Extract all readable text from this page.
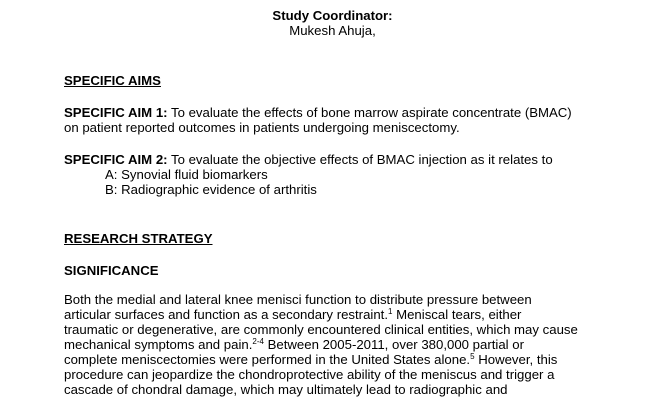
Study Coordinator:
Mukesh Ahuja,
SPECIFIC AIMS
SPECIFIC AIM 1: To evaluate the effects of bone marrow aspirate concentrate (BMAC)
on patient reported outcomes in patients undergoing meniscectomy.
SPECIFIC AIM 2: To evaluate the objective effects of BMAC injection as it relates to
A: Synovial fluid biomarkers
B: Radiographic evidence of arthritis
RESEARCH STRATEGY
SIGNIFICANCE
Both the medial and lateral knee menisci function to distribute pressure between
articular surfaces and function as a secondary restraint.$^1$ Meniscal tears, either
traumatic or degenerative, are commonly encountered clinical entities, which may cause
mechanical symptoms and pain.$^{2-4}$ Between 2005-2011, over 380,000 partial or
complete meniscectomies were performed in the United States alone.$^5$ However, this
procedure can jeopardize the chondroprotective ability of the meniscus and trigger a
cascade of chondral damage, which may ultimately lead to radiographic and
